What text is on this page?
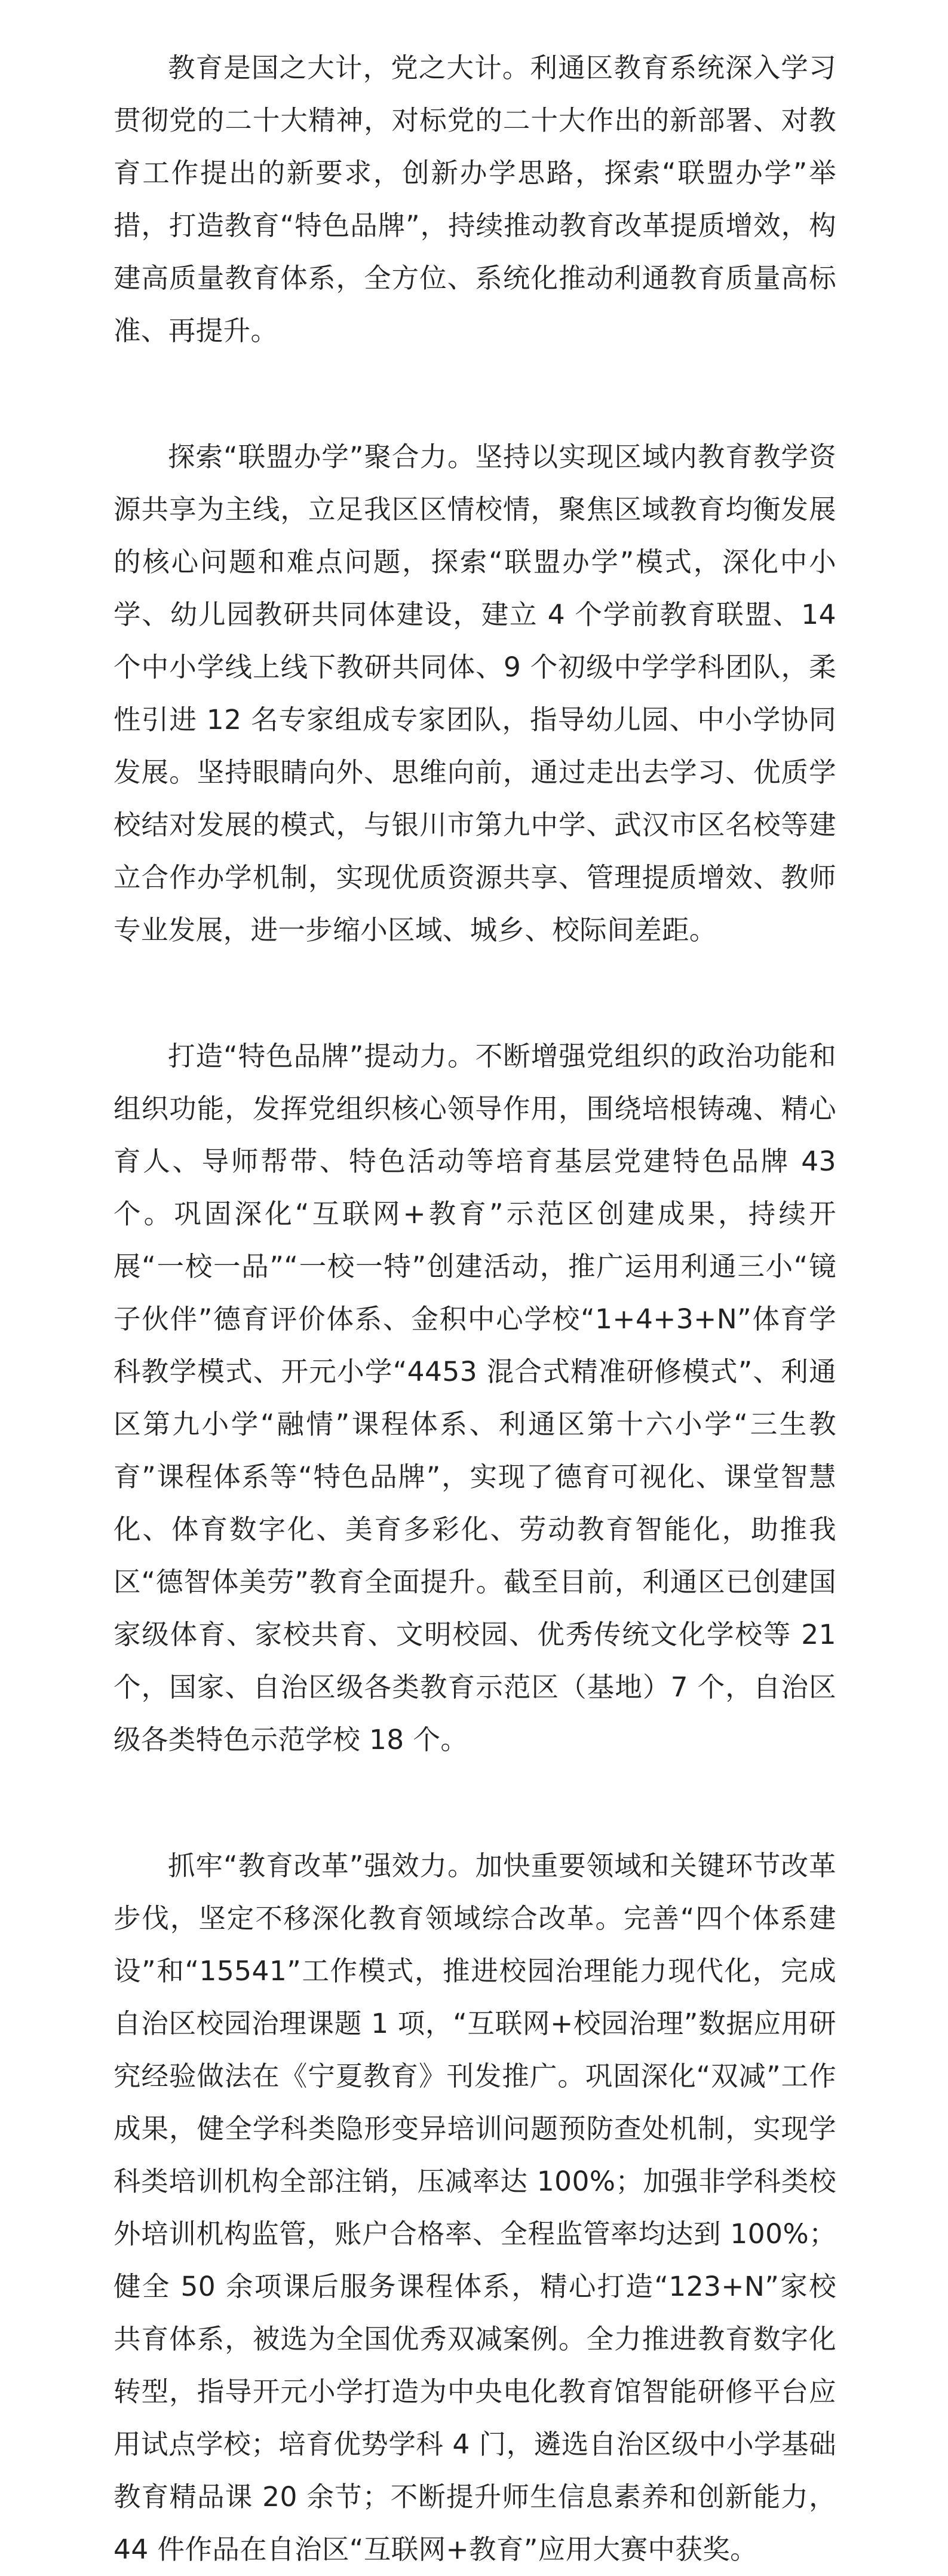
教育是国之大计，党之大计。利通区教育系统深入学习贯彻党的二十大精神，对标党的二十大作出的新部署、对教育工作提出的新要求，创新办学思路，探索“联盟办学”举措，打造教育“特色品牌”，持续推动教育改革提质增效，构建高质量教育体系，全方位、系统化推动利通教育质量高标准、再提升。

探索“联盟办学”聚合力。坚持以实现区域内教育教学资源共享为主线，立足我区区情校情，聚焦区域教育均衡发展的核心问题和难点问题，探索“联盟办学”模式，深化中小学、幼儿园教研共同体建设，建立 4 个学前教育联盟、14 个中小学线上线下教研共同体、9 个初级中学学科团队，柔性引进 12 名专家组成专家团队，指导幼儿园、中小学协同发展。坚持眼睛向外、思维向前，通过走出去学习、优质学校结对发展的模式，与银川市第九中学、武汉市区名校等建立合作办学机制，实现优质资源共享、管理提质增效、教师专业发展，进一步缩小区域、城乡、校际间差距。

打造“特色品牌”提动力。不断增强党组织的政治功能和组织功能，发挥党组织核心领导作用，围绕培根铸魂、精心育人、导师帮带、特色活动等培育基层党建特色品牌 43 个。巩固深化“互联网+教育”示范区创建成果，持续开展“一校一品”“一校一特”创建活动，推广运用利通三小“镜子伙伴”德育评价体系、金积中心学校“1+4+3+N”体育学科教学模式、开元小学“4453 混合式精准研修模式”、利通区第九小学“融情”课程体系、利通区第十六小学“三生教育”课程体系等“特色品牌”，实现了德育可视化、课堂智慧化、体育数字化、美育多彩化、劳动教育智能化，助推我区“德智体美劳”教育全面提升。截至目前，利通区已创建国家级体育、家校共育、文明校园、优秀传统文化学校等 21 个，国家、自治区级各类教育示范区（基地）7 个，自治区级各类特色示范学校 18 个。

抓牢“教育改革”强效力。加快重要领域和关键环节改革步伐，坚定不移深化教育领域综合改革。完善“四个体系建设”和“15541”工作模式，推进校园治理能力现代化，完成自治区校园治理课题 1 项，“互联网+校园治理”数据应用研究经验做法在《宁夏教育》刊发推广。巩固深化“双减”工作成果，健全学科类隐形变异培训问题预防查处机制，实现学科类培训机构全部注销，压减率达 100%；加强非学科类校外培训机构监管，账户合格率、全程监管率均达到 100%；健全 50 余项课后服务课程体系，精心打造“123+N”家校共育体系，被选为全国优秀双减案例。全力推进教育数字化转型，指导开元小学打造为中央电化教育馆智能研修平台应用试点学校；培育优势学科 4 门，遴选自治区级中小学基础教育精品课 20 余节；不断提升师生信息素养和创新能力，44 件作品在自治区“互联网+教育”应用大赛中获奖。
